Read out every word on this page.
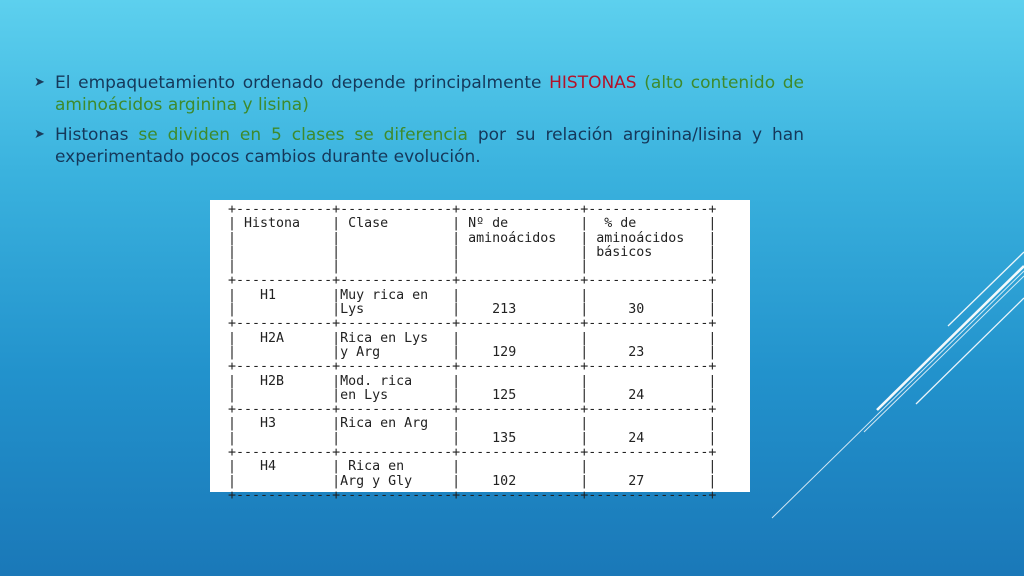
➤ El empaquetamiento ordenado depende principalmente HISTONAS (alto contenido de aminoácidos arginina y lisina)
➤ Histonas se dividen en 5 clases se diferencia por su relación arginina/lisina y han experimentado pocos cambios durante evolución.
+------------+--------------+---------------+---------------+
| Histona    | Clase        | Nº de         |  % de         |
|            |              | aminoácidos   | aminoácidos   |
|            |              |               | básicos       |
|            |              |               |               |
+------------+--------------+---------------+---------------+
|   H1       |Muy rica en   |               |               |
|            |Lys           |    213        |     30        |
+------------+--------------+---------------+---------------+
|   H2A      |Rica en Lys   |               |               |
|            |y Arg         |    129        |     23        |
+------------+--------------+---------------+---------------+
|   H2B      |Mod. rica     |               |               |
|            |en Lys        |    125        |     24        |
+------------+--------------+---------------+---------------+
|   H3       |Rica en Arg   |               |               |
|            |              |    135        |     24        |
+------------+--------------+---------------+---------------+
|   H4       | Rica en      |               |               |
|            |Arg y Gly     |    102        |     27        |
+------------+--------------+---------------+---------------+
